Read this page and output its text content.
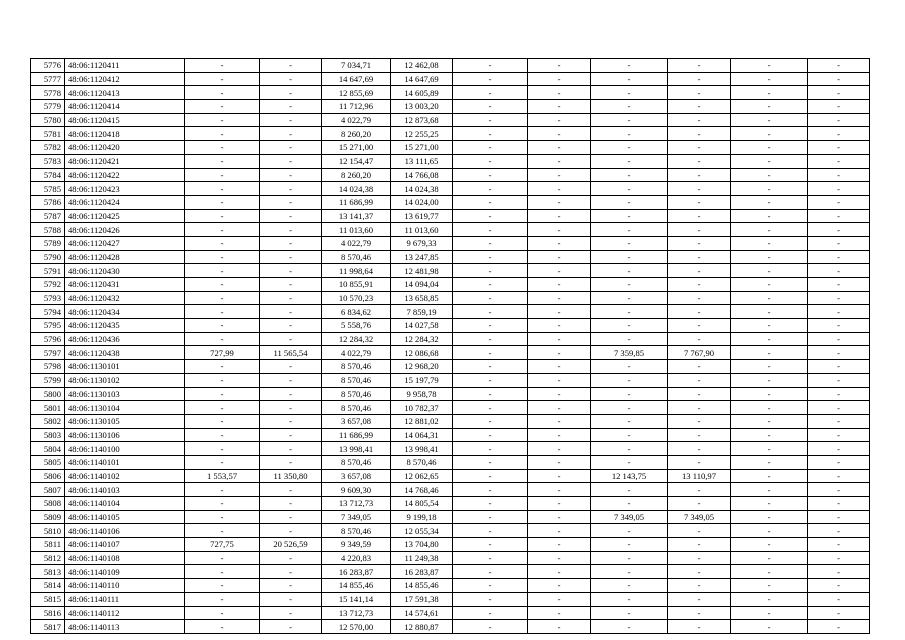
5776	48:06:1120411	-	-	7 034,71	12 462,08	-	-	-	-	-	-
5777	48:06:1120412	-	-	14 647,69	14 647,69	-	-	-	-	-	-
5778	48:06:1120413	-	-	12 855,69	14 605,89	-	-	-	-	-	-
5779	48:06:1120414	-	-	11 712,96	13 003,20	-	-	-	-	-	-
5780	48:06:1120415	-	-	4 022,79	12 873,68	-	-	-	-	-	-
5781	48:06:1120418	-	-	8 260,20	12 255,25	-	-	-	-	-	-
5782	48:06:1120420	-	-	15 271,00	15 271,00	-	-	-	-	-	-
5783	48:06:1120421	-	-	12 154,47	13 111,65	-	-	-	-	-	-
5784	48:06:1120422	-	-	8 260,20	14 766,08	-	-	-	-	-	-
5785	48:06:1120423	-	-	14 024,38	14 024,38	-	-	-	-	-	-
5786	48:06:1120424	-	-	11 686,99	14 024,00	-	-	-	-	-	-
5787	48:06:1120425	-	-	13 141,37	13 619,77	-	-	-	-	-	-
5788	48:06:1120426	-	-	11 013,60	11 013,60	-	-	-	-	-	-
5789	48:06:1120427	-	-	4 022,79	9 679,33	-	-	-	-	-	-
5790	48:06:1120428	-	-	8 570,46	13 247,85	-	-	-	-	-	-
5791	48:06:1120430	-	-	11 998,64	12 481,98	-	-	-	-	-	-
5792	48:06:1120431	-	-	10 855,91	14 094,04	-	-	-	-	-	-
5793	48:06:1120432	-	-	10 570,23	13 658,85	-	-	-	-	-	-
5794	48:06:1120434	-	-	6 834,62	7 859,19	-	-	-	-	-	-
5795	48:06:1120435	-	-	5 558,76	14 027,58	-	-	-	-	-	-
5796	48:06:1120436	-	-	12 284,32	12 284,32	-	-	-	-	-	-
5797	48:06:1120438	727,99	11 565,54	4 022,79	12 086,68	-	-	7 359,85	7 767,90	-	-
5798	48:06:1130101	-	-	8 570,46	12 968,20	-	-	-	-	-	-
5799	48:06:1130102	-	-	8 570,46	15 197,79	-	-	-	-	-	-
5800	48:06:1130103	-	-	8 570,46	9 958,78	-	-	-	-	-	-
5801	48:06:1130104	-	-	8 570,46	10 782,37	-	-	-	-	-	-
5802	48:06:1130105	-	-	3 657,08	12 881,02	-	-	-	-	-	-
5803	48:06:1130106	-	-	11 686,99	14 064,31	-	-	-	-	-	-
5804	48:06:1140100	-	-	13 998,41	13 998,41	-	-	-	-	-	-
5805	48:06:1140101	-	-	8 570,46	8 570,46	-	-	-	-	-	-
5806	48:06:1140102	1 553,57	11 350,80	3 657,08	12 062,65	-	-	12 143,75	13 110,97	-	-
5807	48:06:1140103	-	-	9 609,30	14 768,46	-	-	-	-	-	-
5808	48:06:1140104	-	-	13 712,73	14 805,54	-	-	-	-	-	-
5809	48:06:1140105	-	-	7 349,05	9 199,18	-	-	7 349,05	7 349,05	-	-
5810	48:06:1140106	-	-	8 570,46	12 055,34	-	-	-	-	-	-
5811	48:06:1140107	727,75	20 526,59	9 349,59	13 704,80	-	-	-	-	-	-
5812	48:06:1140108	-	-	4 220,83	11 249,38	-	-	-	-	-	-
5813	48:06:1140109	-	-	16 283,87	16 283,87	-	-	-	-	-	-
5814	48:06:1140110	-	-	14 855,46	14 855,46	-	-	-	-	-	-
5815	48:06:1140111	-	-	15 141,14	17 591,38	-	-	-	-	-	-
5816	48:06:1140112	-	-	13 712,73	14 574,61	-	-	-	-	-	-
5817	48:06:1140113	-	-	12 570,00	12 880,87	-	-	-	-	-	-
